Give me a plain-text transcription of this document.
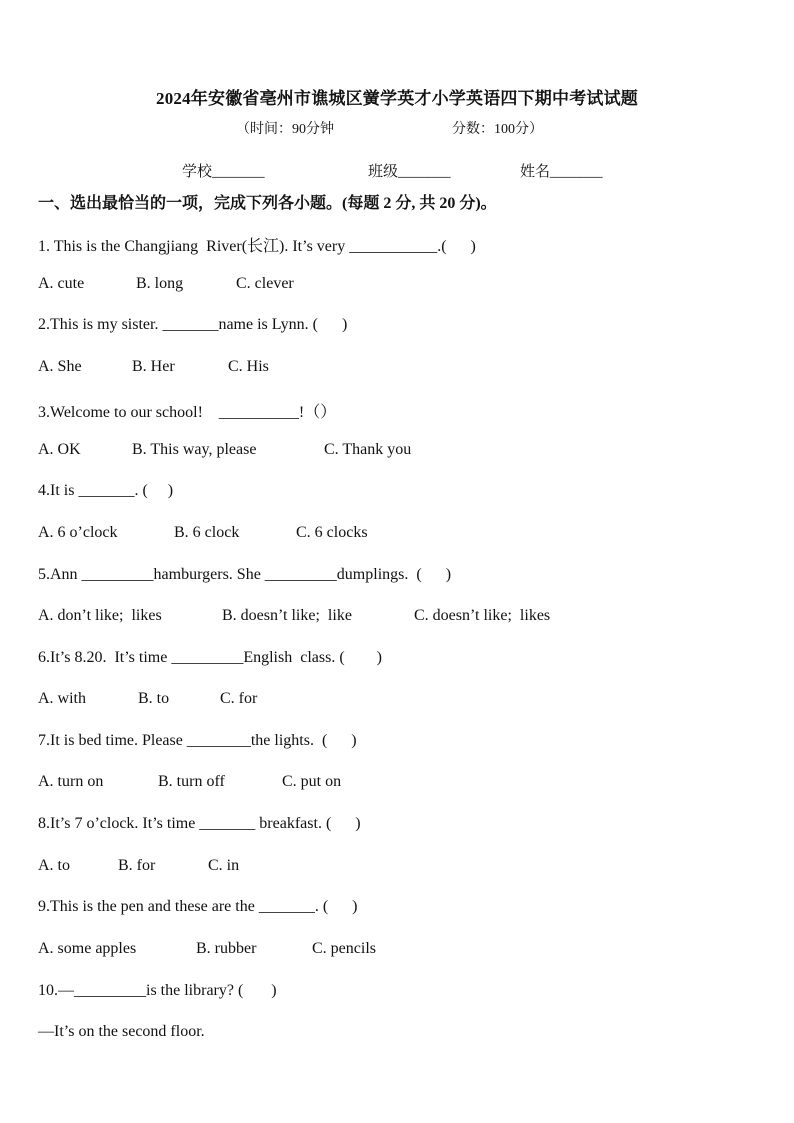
2024年安徽省亳州市谯城区黉学英才小学英语四下期中考试试题
（时间：90分钟	分数：100分）
学校_______	班级_______	姓名_______
一、选出最恰当的一项，完成下列各小题。(每题 2 分, 共 20 分)。
1. This is the Changjiang  River(长江). It’s very ___________.(      )
A. cute	B. long	C. clever
2.This is my sister. _______name is Lynn. (      )
A. She	B. Her	C. His
3.Welcome to our school!    __________!（）
A. OK	B. This way, please	C. Thank you
4.It is _______. (     )
A. 6 o’clock	B. 6 clock	C. 6 clocks
5.Ann _________hamburgers. She _________dumplings.  (      )
A. don’t like;  likes	B. doesn’t like;  like	C. doesn’t like;  likes
6.It’s 8.20.  It’s time _________English  class. (        )
A. with	B. to	C. for
7.It is bed time. Please ________the lights.  (      )
A. turn on	B. turn off	C. put on
8.It’s 7 o’clock. It’s time _______ breakfast. (      )
A. to	B. for	C. in
9.This is the pen and these are the _______. (      )
A. some apples	B. rubber	C. pencils
10.—_________is the library? (       )
—It’s on the second floor.
